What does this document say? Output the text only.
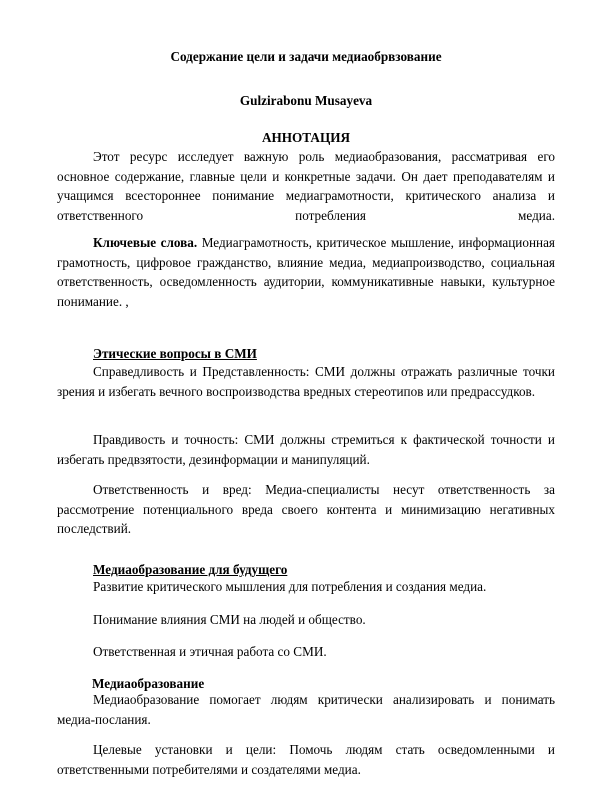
Содержание цели и задачи медиаобрвзование
Gulzirabonu Musayeva
АННОТАЦИЯ

Этот ресурс исследует важную роль медиаобразования, рассматривая его основное содержание, главные цели и конкретные задачи. Он дает преподавателям и учащимся всестороннее понимание медиаграмотности, критического анализа и ответственного потребления медиа.

Ключевые слова. Медиаграмотность, критическое мышление, информационная грамотность, цифровое гражданство, влияние медиа, медиапроизводство, социальная ответственность, осведомленность аудитории, коммуникативные навыки, культурное понимание. ,

Этические вопросы в СМИ

Справедливость и Представленность: СМИ должны отражать различные точки зрения и избегать вечного воспроизводства вредных стереотипов или предрассудков.

Правдивость и точность: СМИ должны стремиться к фактической точности и избегать предвзятости, дезинформации и манипуляций.

Ответственность и вред: Медиа-специалисты несут ответственность за рассмотрение потенциального вреда своего контента и минимизацию негативных последствий.

Медиаобразование для будущего

Развитие критического мышления для потребления и создания медиа.

Понимание влияния СМИ на людей и общество.

Ответственная и этичная работа со СМИ.

Медиаобразование

Медиаобразование помогает людям критически анализировать и понимать медиа-послания.

Целевые установки и цели: Помочь людям стать осведомленными и ответственными потребителями и создателями медиа.
